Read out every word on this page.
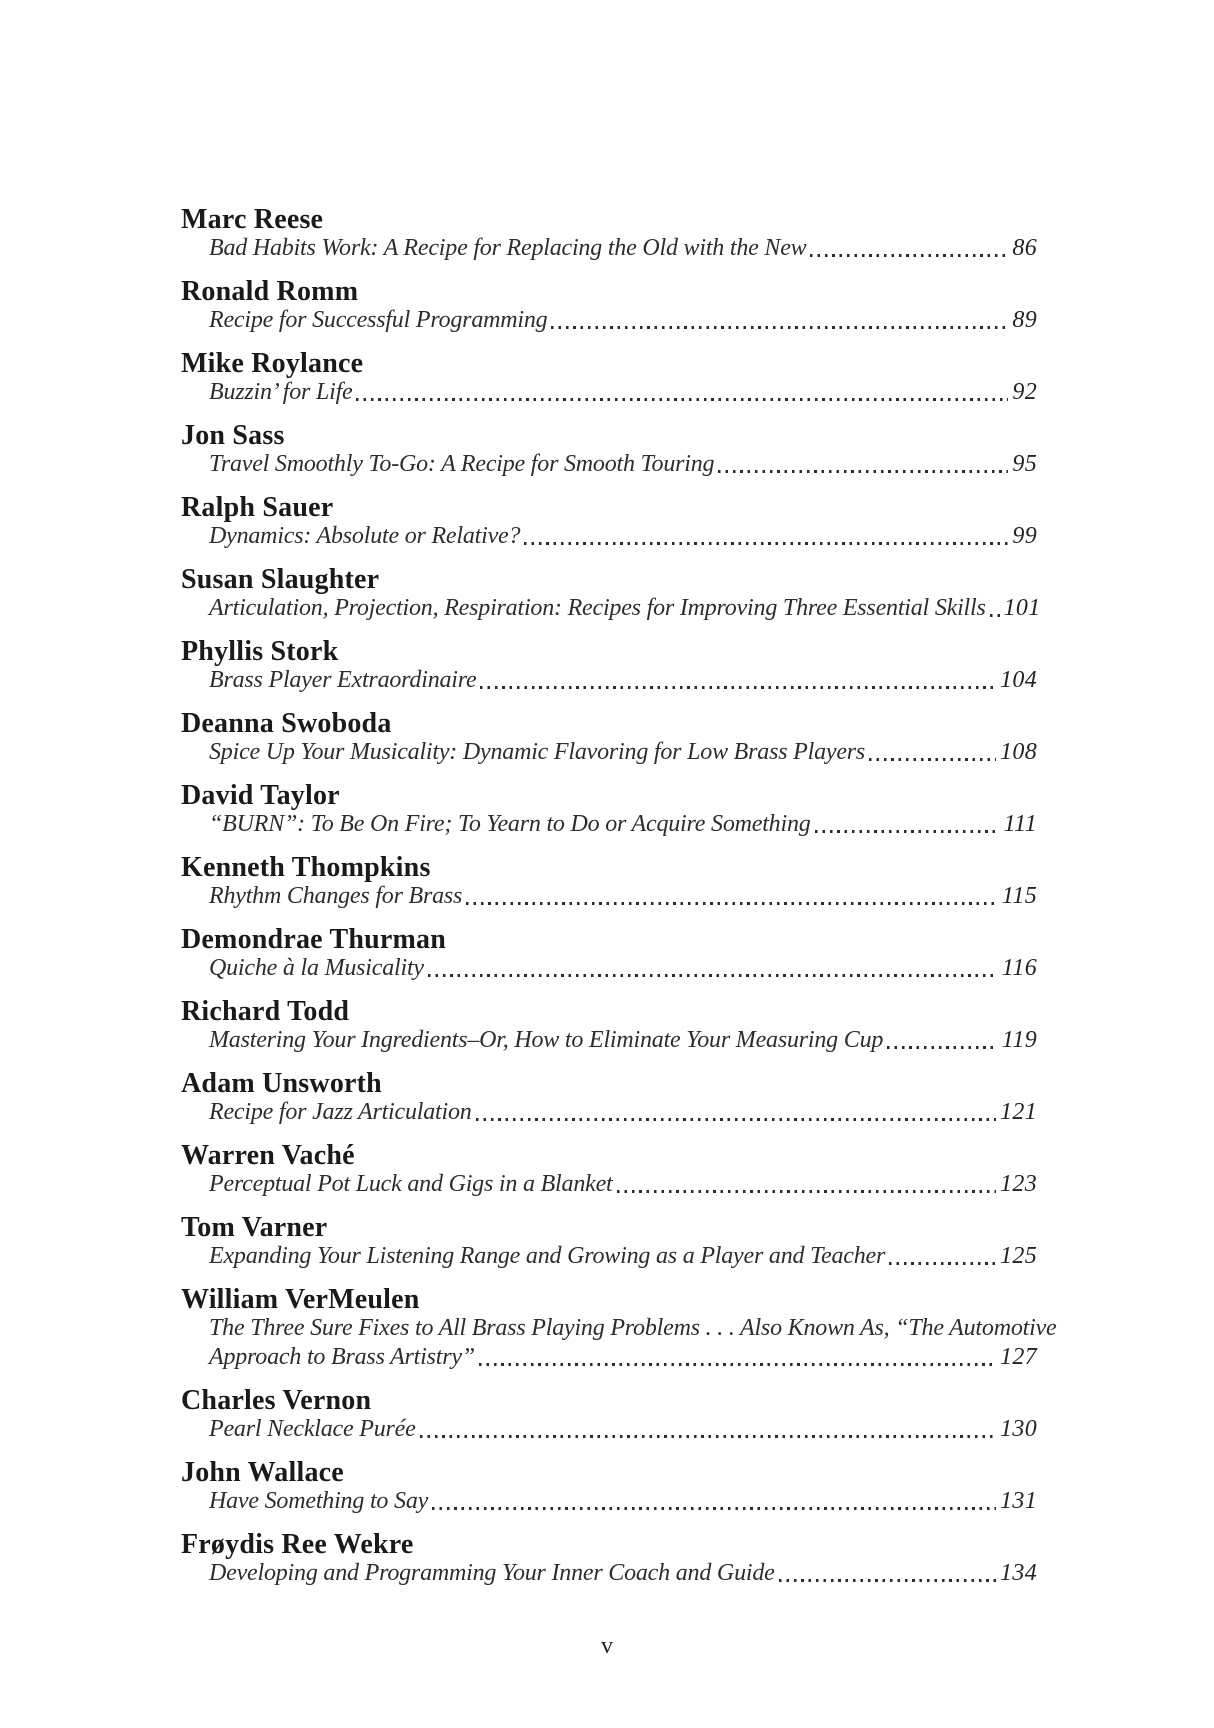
Marc Reese
Bad Habits Work: A Recipe for Replacing the Old with the New	86
Ronald Romm
Recipe for Successful Programming	89
Mike Roylance
Buzzin’ for Life	92
Jon Sass
Travel Smoothly To-Go: A Recipe for Smooth Touring	95
Ralph Sauer
Dynamics: Absolute or Relative?	99
Susan Slaughter
Articulation, Projection, Respiration: Recipes for Improving Three Essential Skills 101
Phyllis Stork
Brass Player Extraordinaire	104
Deanna Swoboda
Spice Up Your Musicality: Dynamic Flavoring for Low Brass Players	108
David Taylor
“BURN”: To Be On Fire; To Yearn to Do or Acquire Something	111
Kenneth Thompkins
Rhythm Changes for Brass	115
Demondrae Thurman
Quiche à la Musicality	116
Richard Todd
Mastering Your Ingredients–Or, How to Eliminate Your Measuring Cup	119
Adam Unsworth
Recipe for Jazz Articulation	121
Warren Vaché
Perceptual Pot Luck and Gigs in a Blanket	123
Tom Varner
Expanding Your Listening Range and Growing as a Player and Teacher	125
William VerMeulen
The Three Sure Fixes to All Brass Playing Problems . . . Also Known As, “The Automotive
Approach to Brass Artistry”	127
Charles Vernon
Pearl Necklace Purée	130
John Wallace
Have Something to Say	131
Frøydis Ree Wekre
Developing and Programming Your Inner Coach and Guide	134
v
